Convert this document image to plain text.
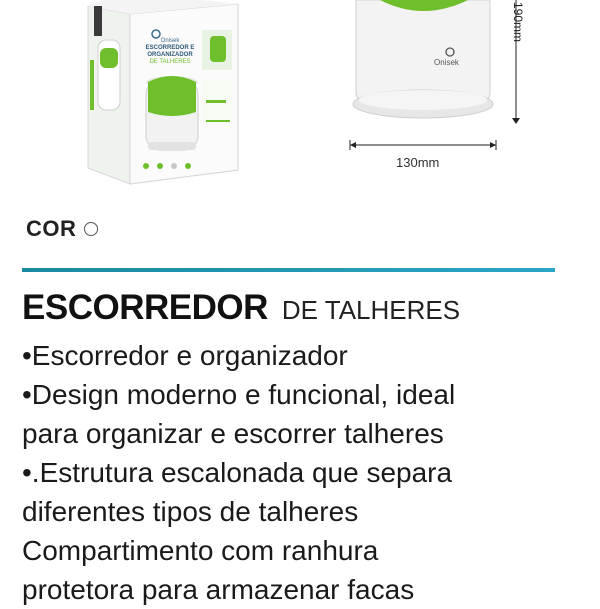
Onisek
ESCORREDOR E
ORGANIZADOR
DE TALHERES	Onisek
190mm
130mm
COR
ESCORREDOR DE TALHERES
•Escorredor e organizador
•Design moderno e funcional, ideal
para organizar e escorrer talheres
•.Estrutura escalonada que separa
diferentes tipos de talheres
Compartimento com ranhura
protetora para armazenar facas
